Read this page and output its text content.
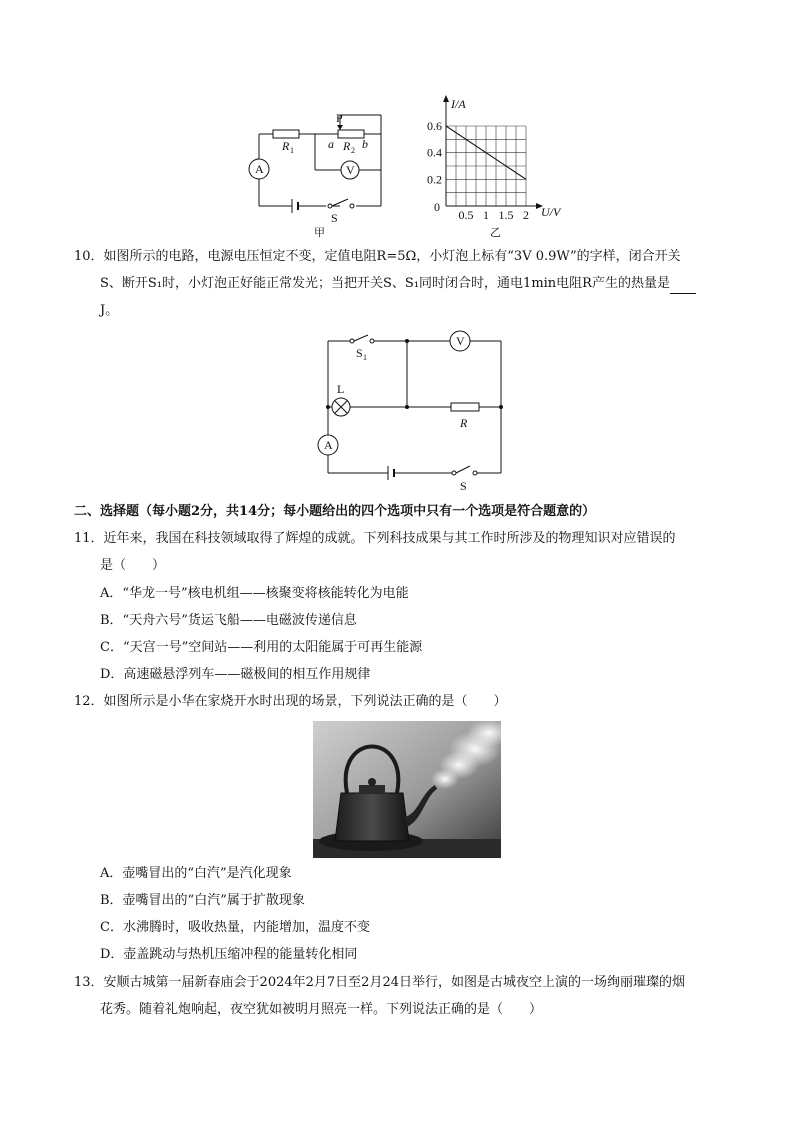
A	V
P
R 1	a R 2 b
S
甲
0.5 1 1.5 2
0.2
0.4
0.6
I/A
U/V
0
乙
10．如图所示的电路，电源电压恒定不变，定值电阻R=5Ω，小灯泡上标有“3V 0.9W”的字样，闭合开关
S、断开S₁时，小灯泡正好能正常发光；当把开关S、S₁同时闭合时，通电1min电阻R产生的热量是
J。
V
A
S 1
L
R
S
二、选择题（每小题2分，共14分；每小题给出的四个选项中只有一个选项是符合题意的）
11．近年来，我国在科技领域取得了辉煌的成就。下列科技成果与其工作时所涉及的物理知识对应错误的
是（　　）
A．“华龙一号”核电机组——核聚变将核能转化为电能
B．“天舟六号”货运飞船——电磁波传递信息
C．“天宫一号”空间站——利用的太阳能属于可再生能源
D．高速磁悬浮列车——磁极间的相互作用规律
12．如图所示是小华在家烧开水时出现的场景，下列说法正确的是（　　）
A．壶嘴冒出的“白汽”是汽化现象
B．壶嘴冒出的“白汽”属于扩散现象
C．水沸腾时，吸收热量，内能增加，温度不变
D．壶盖跳动与热机压缩冲程的能量转化相同
13．安顺古城第一届新春庙会于2024年2月7日至2月24日举行，如图是古城夜空上演的一场绚丽璀璨的烟
花秀。随着礼炮响起，夜空犹如被明月照亮一样。下列说法正确的是（　　）
